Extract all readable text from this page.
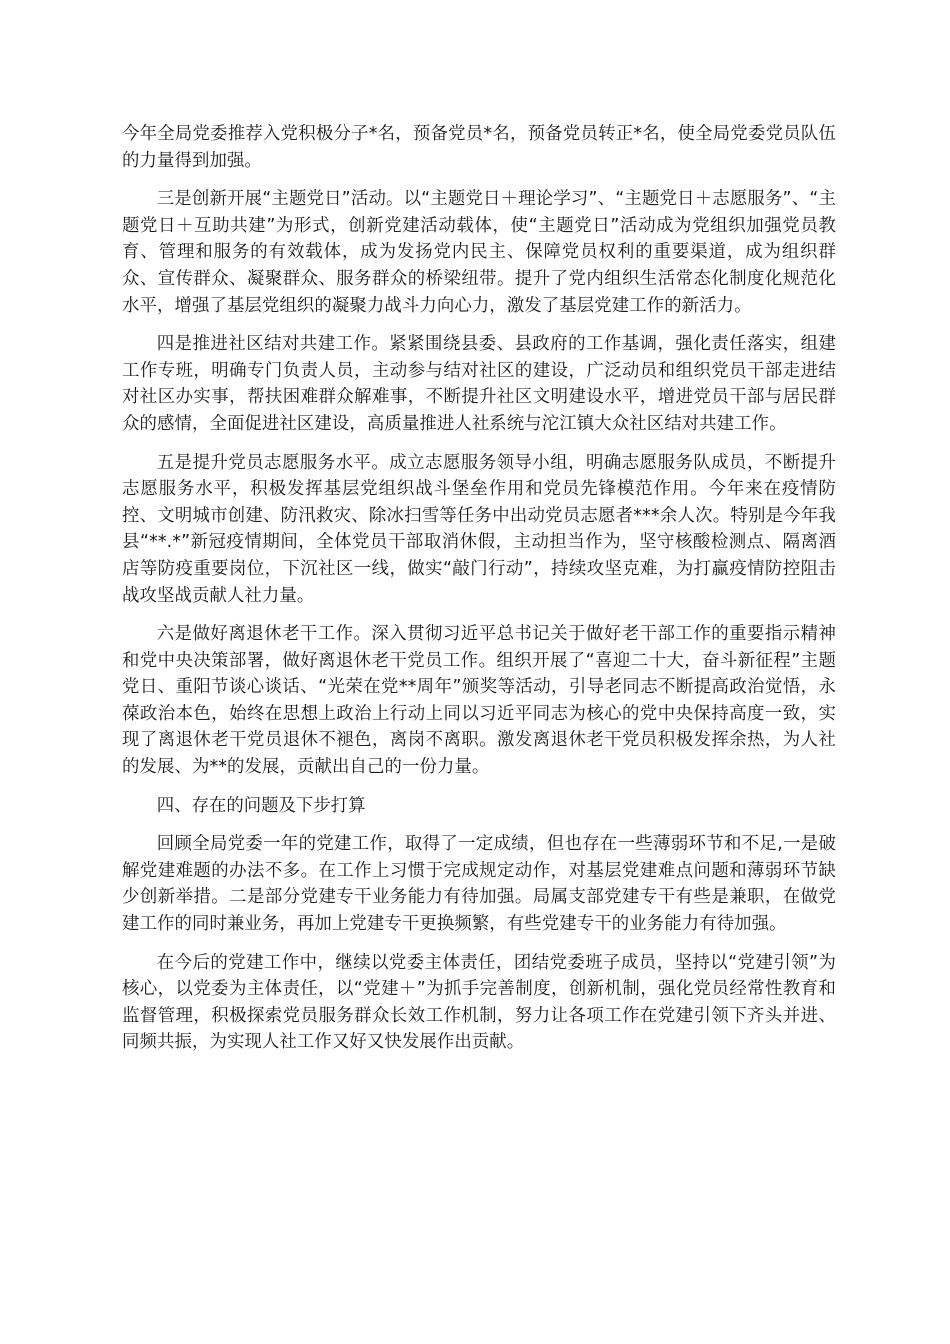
今年全局党委推荐入党积极分子*名，预备党员*名，预备党员转正*名，使全局党委党员队伍的力量得到加强。

三是创新开展“主题党日”活动。以“主题党日＋理论学习”、“主题党日＋志愿服务”、“主题党日＋互助共建”为形式，创新党建活动载体，使“主题党日”活动成为党组织加强党员教育、管理和服务的有效载体，成为发扬党内民主、保障党员权利的重要渠道，成为组织群众、宣传群众、凝聚群众、服务群众的桥梁纽带。提升了党内组织生活常态化制度化规范化水平，增强了基层党组织的凝聚力战斗力向心力，激发了基层党建工作的新活力。

四是推进社区结对共建工作。紧紧围绕县委、县政府的工作基调，强化责任落实，组建工作专班，明确专门负责人员，主动参与结对社区的建设，广泛动员和组织党员干部走进结对社区办实事，帮扶困难群众解难事，不断提升社区文明建设水平，增进党员干部与居民群众的感情，全面促进社区建设，高质量推进人社系统与沱江镇大众社区结对共建工作。

五是提升党员志愿服务水平。成立志愿服务领导小组，明确志愿服务队成员，不断提升志愿服务水平，积极发挥基层党组织战斗堡垒作用和党员先锋模范作用。今年来在疫情防控、文明城市创建、防汛救灾、除冰扫雪等任务中出动党员志愿者***余人次。特别是今年我县“**.*”新冠疫情期间，全体党员干部取消休假，主动担当作为，坚守核酸检测点、隔离酒店等防疫重要岗位，下沉社区一线，做实“敲门行动”，持续攻坚克难，为打赢疫情防控阻击战攻坚战贡献人社力量。

六是做好离退休老干工作。深入贯彻习近平总书记关于做好老干部工作的重要指示精神和党中央决策部署，做好离退休老干党员工作。组织开展了“喜迎二十大，奋斗新征程”主题党日、重阳节谈心谈话、“光荣在党**周年”颁奖等活动，引导老同志不断提高政治觉悟，永葆政治本色，始终在思想上政治上行动上同以习近平同志为核心的党中央保持高度一致，实现了离退休老干党员退休不褪色，离岗不离职。激发离退休老干党员积极发挥余热，为人社的发展、为**的发展，贡献出自己的一份力量。

四、存在的问题及下步打算

回顾全局党委一年的党建工作，取得了一定成绩，但也存在一些薄弱环节和不足,一是破解党建难题的办法不多。在工作上习惯于完成规定动作，对基层党建难点问题和薄弱环节缺少创新举措。二是部分党建专干业务能力有待加强。局属支部党建专干有些是兼职，在做党建工作的同时兼业务，再加上党建专干更换频繁，有些党建专干的业务能力有待加强。

在今后的党建工作中，继续以党委主体责任，团结党委班子成员，坚持以“党建引领”为核心，以党委为主体责任，以“党建＋”为抓手完善制度，创新机制，强化党员经常性教育和监督管理，积极探索党员服务群众长效工作机制，努力让各项工作在党建引领下齐头并进、同频共振，为实现人社工作又好又快发展作出贡献。
